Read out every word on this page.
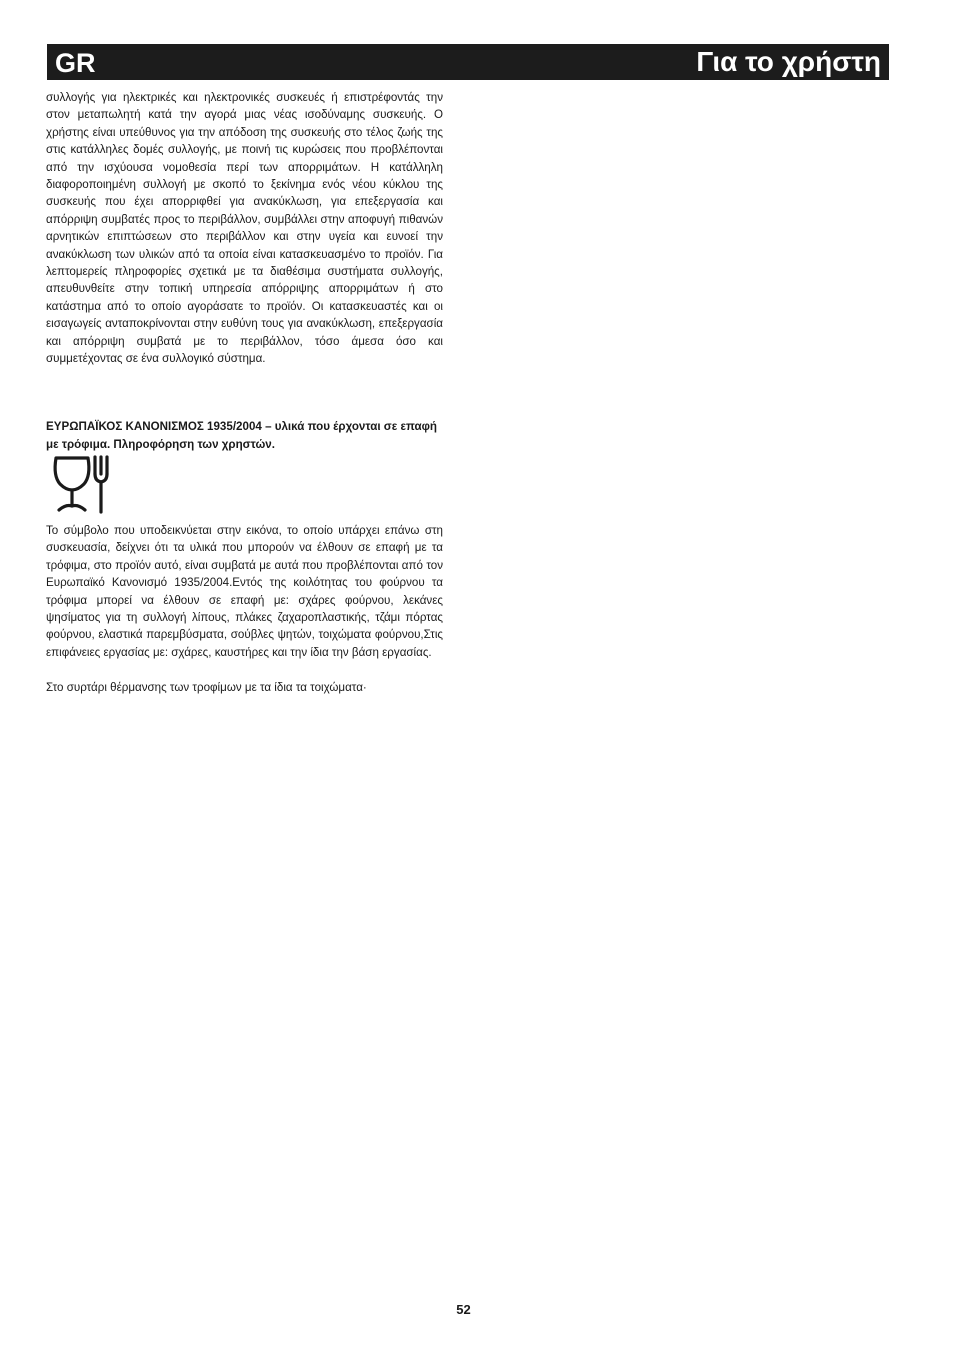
GR	Για το χρήστη
συλλογής για ηλεκτρικές και ηλεκτρονικές συσκευές ή επιστρέφοντάς την στον μεταπωλητή κατά την αγορά μιας νέας ισοδύναμης συσκευής. Ο χρήστης είναι υπεύθυνος για την απόδοση της συσκευής στο τέλος ζωής της στις κατάλληλες δομές συλλογής, με ποινή τις κυρώσεις που προβλέπονται από την ισχύουσα νομοθεσία περί των απορριμάτων. Η κατάλληλη διαφοροποιημένη συλλογή με σκοπό το ξεκίνημα ενός νέου κύκλου της συσκευής που έχει απορριφθεί για ανακύκλωση, για επεξεργασία και απόρριψη συμβατές προς το περιβάλλον, συμβάλλει στην αποφυγή πιθανών αρνητικών επιπτώσεων στο περιβάλλον και στην υγεία και ευνοεί την ανακύκλωση των υλικών από τα οποία είναι κατασκευασμένο το προϊόν. Για λεπτομερείς πληροφορίες σχετικά με τα διαθέσιμα συστήματα συλλογής, απευθυνθείτε στην τοπική υπηρεσία απόρριψης απορριμάτων ή στο κατάστημα από το οποίο αγοράσατε το προϊόν. Οι κατασκευαστές και οι εισαγωγείς ανταποκρίνονται στην ευθύνη τους για ανακύκλωση, επεξεργασία και απόρριψη συμβατά με το περιβάλλον, τόσο άμεσα όσο και συμμετέχοντας σε ένα συλλογικό σύστημα.
ΕΥΡΩΠΑΪΚΟΣ ΚΑΝΟΝΙΣΜΟΣ 1935/2004 – υλικά που έρχονται σε επαφή με τρόφιμα. Πληροφόρηση των χρηστών.
Το σύμβολο που υποδεικνύεται στην εικόνα, το οποίο υπάρχει επάνω στη συσκευασία, δείχνει ότι τα υλικά που μπορούν να έλθουν σε επαφή με τα τρόφιμα, στο προϊόν αυτό, είναι συμβατά με αυτά που προβλέπονται από τον Ευρωπαϊκό Κανονισμό 1935/2004.Εντός της κοιλότητας του φούρνου τα τρόφιμα μπορεί να έλθουν σε επαφή με: σχάρες φούρνου, λεκάνες ψησίματος για τη συλλογή λίπους, πλάκες ζαχαροπλαστικής, τζάμι πόρτας φούρνου, ελαστικά παρεμβύσματα, σούβλες ψητών, τοιχώματα φούρνου,Στις επιφάνειες εργασίας με: σχάρες, καυστήρες και την ίδια την βάση εργασίας.
Στο συρτάρι θέρμανσης των τροφίμων με τα ίδια τα τοιχώματα·
52
